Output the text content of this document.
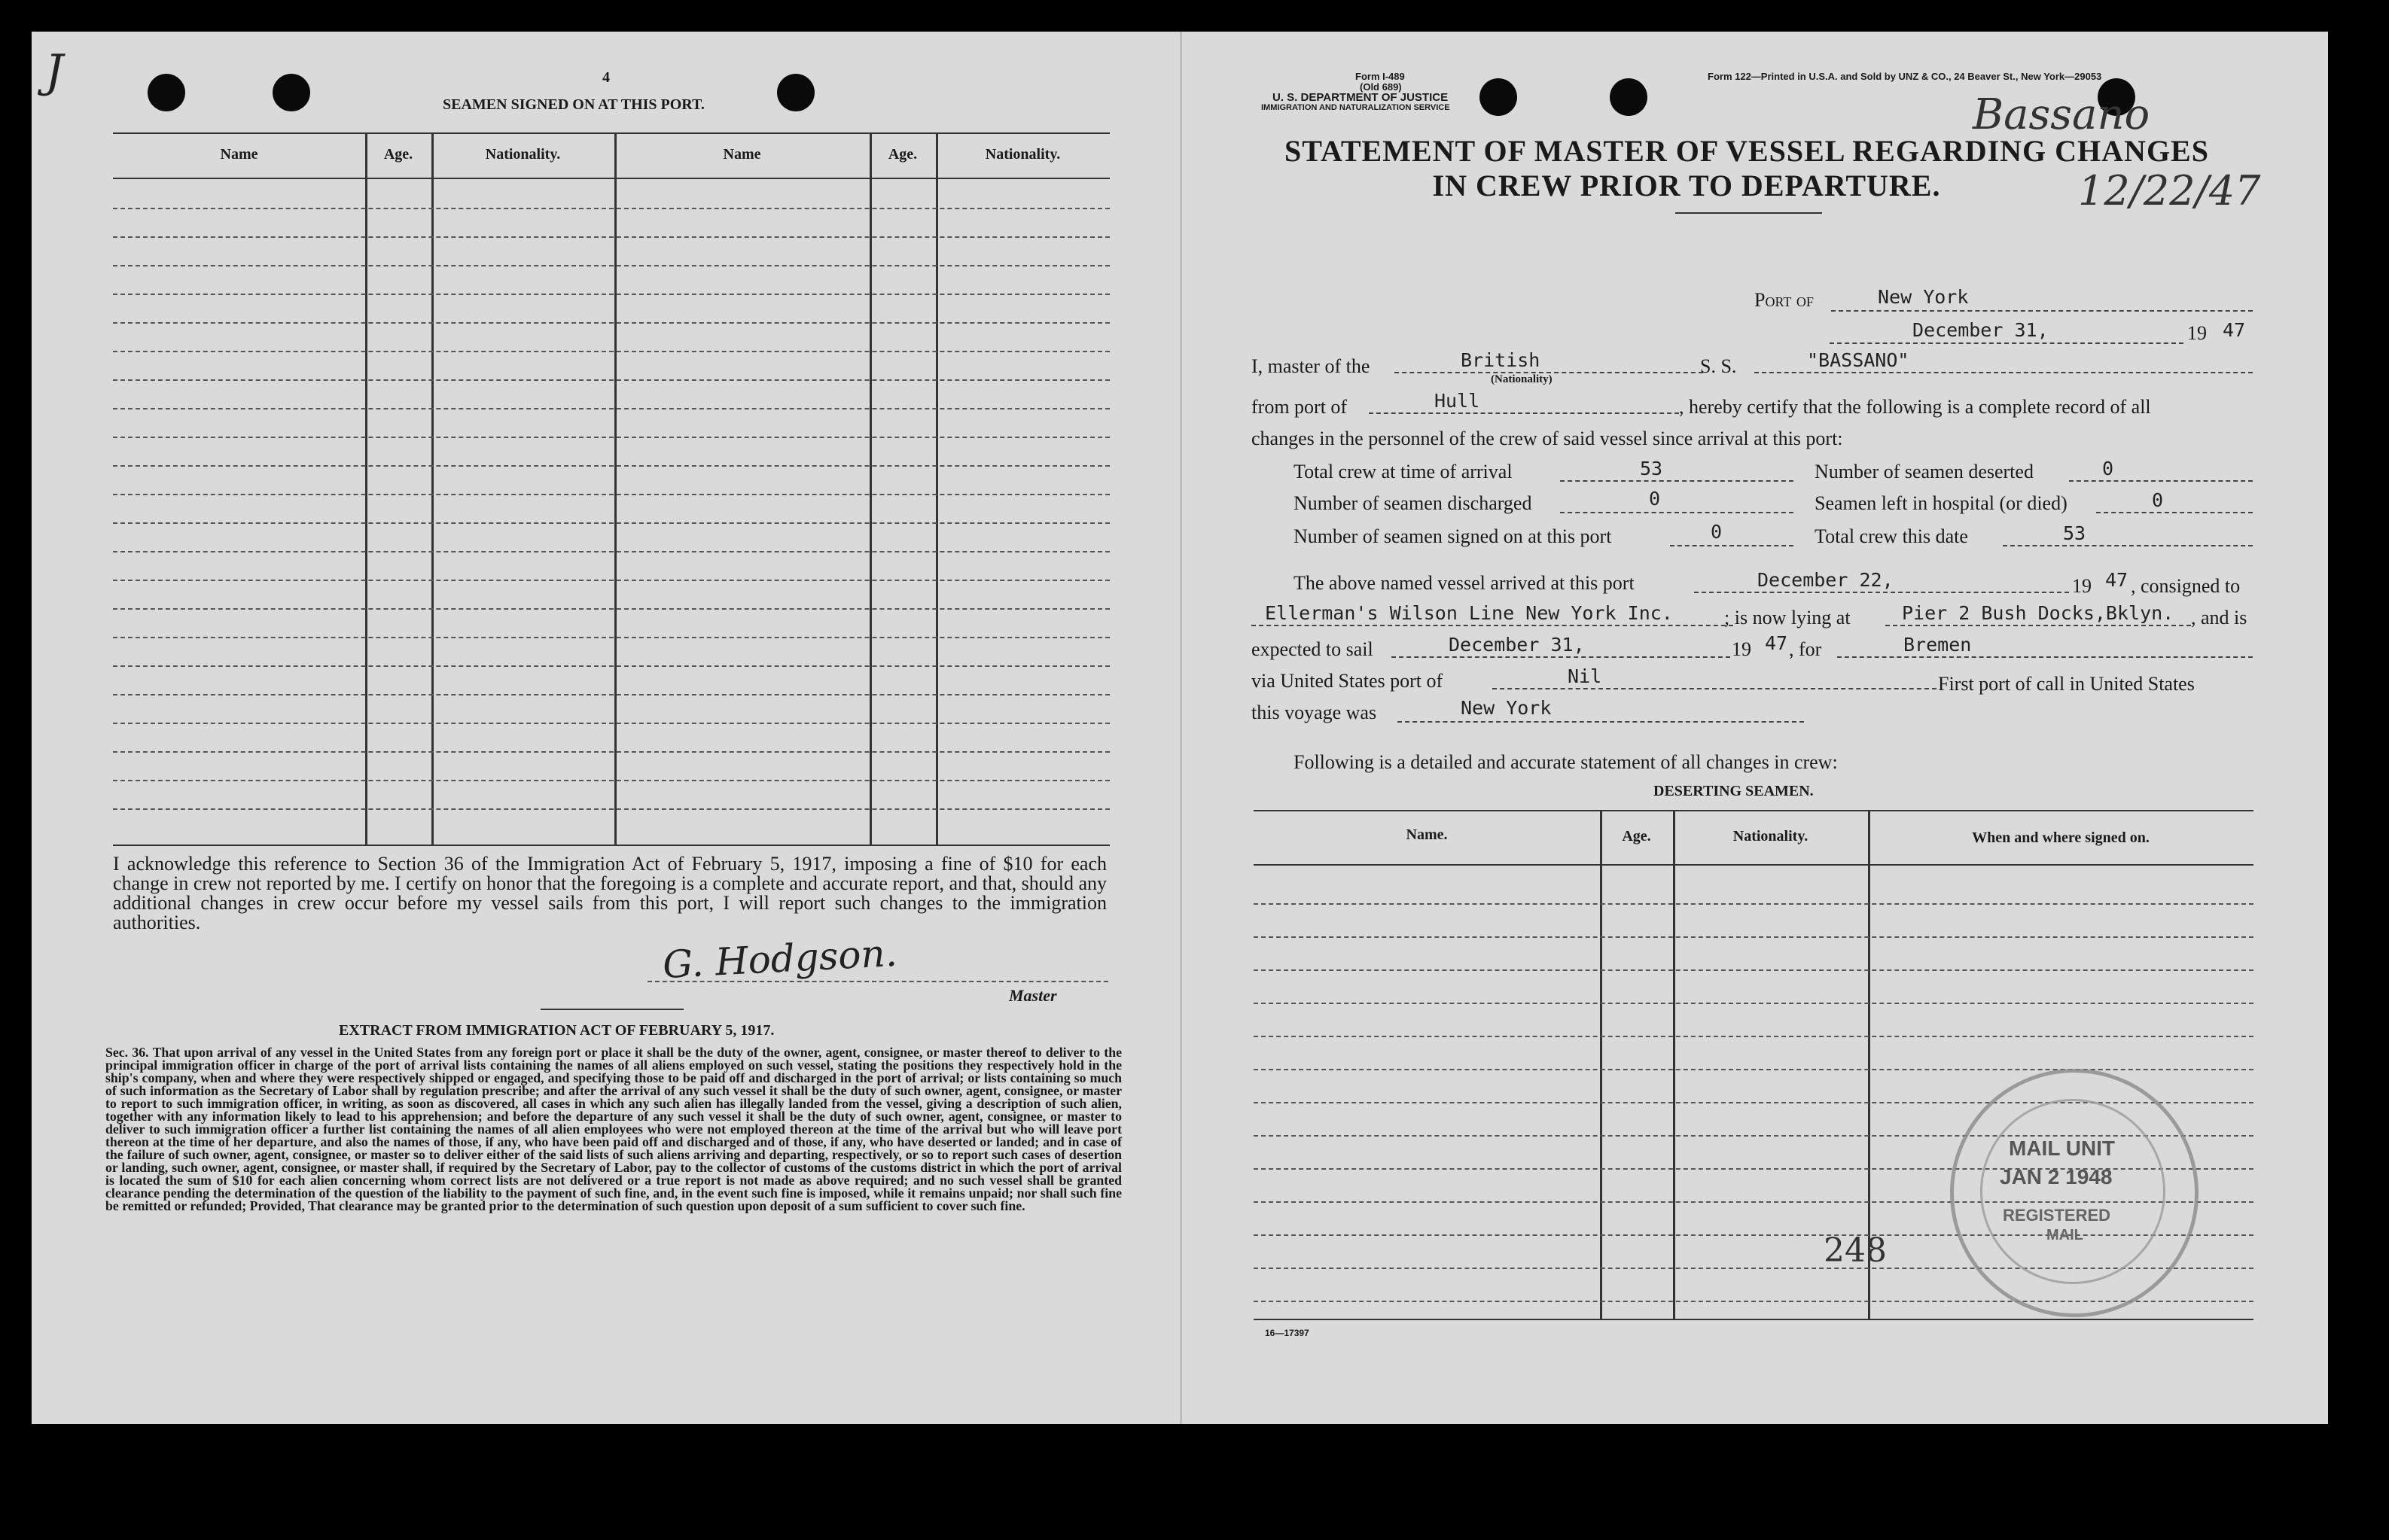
J	4
SEAMEN SIGNED ON AT THIS PORT.
Name	Age.	Nationality.	Name	Age.	Nationality.
I acknowledge this reference to Section 36 of the Immigration Act of February 5, 1917, imposing a fine of $10 for each change in crew not reported by me. I certify on honor that the foregoing is a complete and accurate report, and that, should any additional changes in crew occur before my vessel sails from this port, I will report such changes to the immigration authorities.
G. Hodgson.
Master
EXTRACT FROM IMMIGRATION ACT OF FEBRUARY 5, 1917.
Sec. 36. That upon arrival of any vessel in the United States from any foreign port or place it shall be the duty of the owner, agent, consignee, or master thereof to deliver to the principal immigration officer in charge of the port of arrival lists containing the names of all aliens employed on such vessel, stating the positions they respectively hold in the ship's company, when and where they were respectively shipped or engaged, and specifying those to be paid off and discharged in the port of arrival; or lists containing so much of such information as the Secretary of Labor shall by regulation prescribe; and after the arrival of any such vessel it shall be the duty of such owner, agent, consignee, or master to report to such immigration officer, in writing, as soon as discovered, all cases in which any such alien has illegally landed from the vessel, giving a description of such alien, together with any information likely to lead to his apprehension; and before the departure of any such vessel it shall be the duty of such owner, agent, consignee, or master to deliver to such immigration officer a further list containing the names of all alien employees who were not employed thereon at the time of the arrival but who will leave port thereon at the time of her departure, and also the names of those, if any, who have been paid off and discharged and of those, if any, who have deserted or landed; and in case of the failure of such owner, agent, consignee, or master so to deliver either of the said lists of such aliens arriving and departing, respectively, or so to report such cases of desertion or landing, such owner, agent, consignee, or master shall, if required by the Secretary of Labor, pay to the collector of customs of the customs district in which the port of arrival is located the sum of $10 for each alien concerning whom correct lists are not delivered or a true report is not made as above required; and no such vessel shall be granted clearance pending the determination of the question of the liability to the payment of such fine, and, in the event such fine is imposed, while it remains unpaid; nor shall such fine be remitted or refunded; Provided, That clearance may be granted prior to the determination of such question upon deposit of a sum sufficient to cover such fine.
Form I-489
(Old 689)
U. S. DEPARTMENT OF JUSTICE
IMMIGRATION AND NATURALIZATION SERVICE
Form 122—Printed in U.S.A. and Sold by UNZ & CO., 24 Beaver St., New York—29053
Bassano
12/22/47
STATEMENT OF MASTER OF VESSEL REGARDING CHANGES
IN CREW PRIOR TO DEPARTURE.
Port of	New York
December 31,	19 47
I, master of the	British
(Nationality)
S. S.	"BASSANO"
from port of	Hull	, hereby certify that the following is a complete record of all
changes in the personnel of the crew of said vessel since arrival at this port:
Total crew at time of arrival	53	Number of seamen deserted	0
Number of seamen discharged	0	Seamen left in hospital (or died)	0
Number of seamen signed on at this port	0	Total crew this date	53
The above named vessel arrived at this port	December 22,	19 47 , consigned to
Ellerman's Wilson Line New York Inc.	; is now lying at	Pier 2 Bush Docks,Bklyn. , and is
expected to sail	December 31,	19 47 , for	Bremen
via United States port of	Nil	First port of call in United States
this voyage was	New York
Following is a detailed and accurate statement of all changes in crew:
DESERTING SEAMEN.
Name.	Age.	Nationality.	When and where signed on.
248
MAIL UNIT
JAN 2 1948
REGISTERED
MAIL
16—17397
